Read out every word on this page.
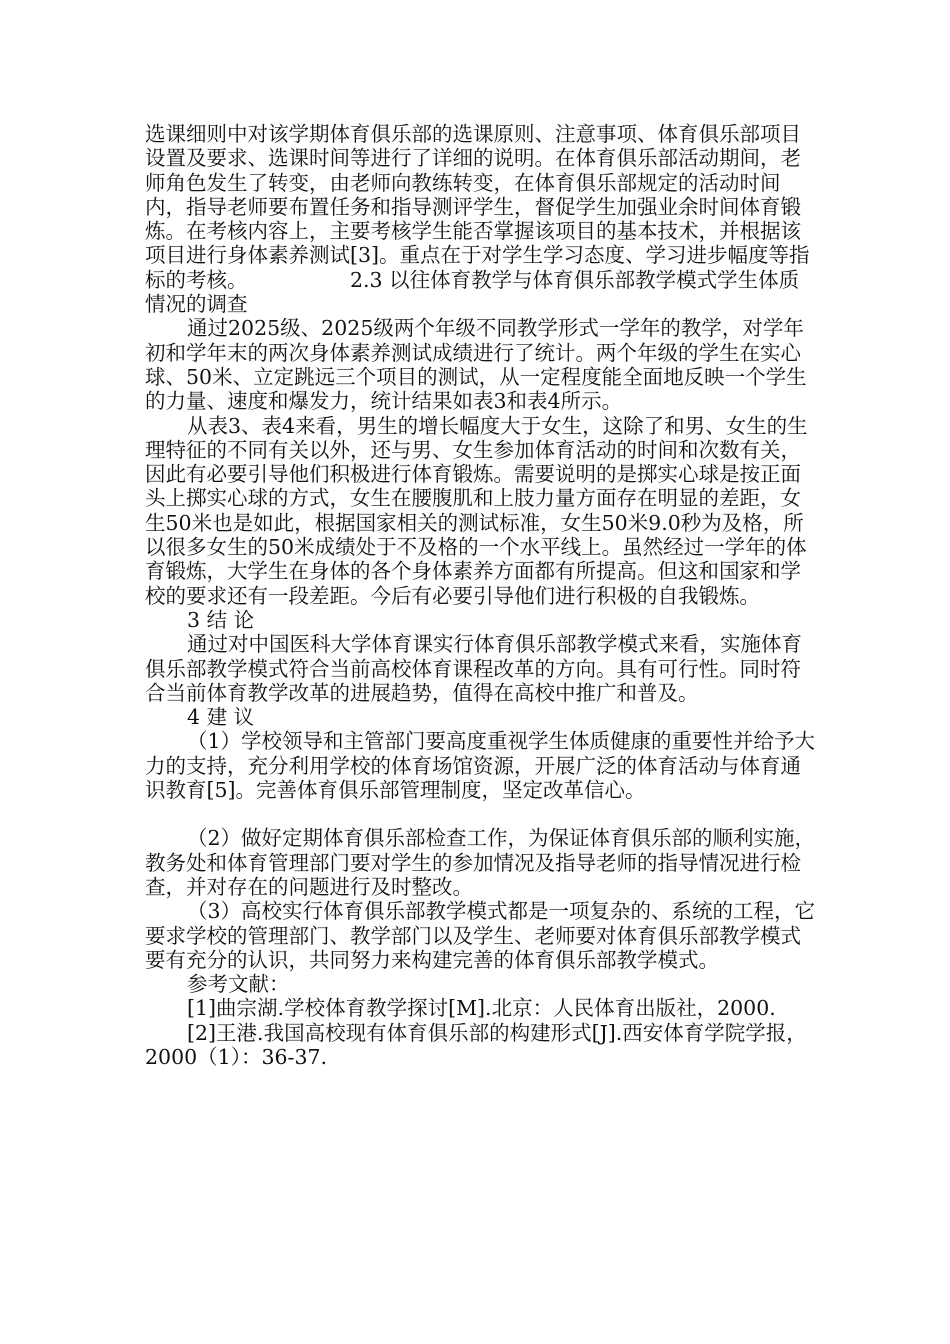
选课细则中对该学期体育俱乐部的选课原则、注意事项、体育俱乐部项目设置及要求、选课时间等进行了详细的说明。在体育俱乐部活动期间，老师角色发生了转变，由老师向教练转变，在体育俱乐部规定的活动时间内，指导老师要布置任务和指导测评学生，督促学生加强业余时间体育锻炼。在考核内容上，主要考核学生能否掌握该项目的基本技术，并根据该项目进行身体素养测试[3]。重点在于对学生学习态度、学习进步幅度等指标的考核。     2.3 以往体育教学与体育俱乐部教学模式学生体质情况的调查

通过2025级、2025级两个年级不同教学形式一学年的教学，对学年初和学年末的两次身体素养测试成绩进行了统计。两个年级的学生在实心球、50米、立定跳远三个项目的测试，从一定程度能全面地反映一个学生的力量、速度和爆发力，统计结果如表3和表4所示。

从表3、表4来看，男生的增长幅度大于女生，这除了和男、女生的生理特征的不同有关以外，还与男、女生参加体育活动的时间和次数有关，因此有必要引导他们积极进行体育锻炼。需要说明的是掷实心球是按正面头上掷实心球的方式，女生在腰腹肌和上肢力量方面存在明显的差距，女生50米也是如此，根据国家相关的测试标准，女生50米9.0秒为及格，所以很多女生的50米成绩处于不及格的一个水平线上。虽然经过一学年的体育锻炼，大学生在身体的各个身体素养方面都有所提高。但这和国家和学校的要求还有一段差距。今后有必要引导他们进行积极的自我锻炼。

3 结 论

通过对中国医科大学体育课实行体育俱乐部教学模式来看，实施体育俱乐部教学模式符合当前高校体育课程改革的方向。具有可行性。同时符合当前体育教学改革的进展趋势，值得在高校中推广和普及。

4 建 议

（1）学校领导和主管部门要高度重视学生体质健康的重要性并给予大力的支持，充分利用学校的体育场馆资源，开展广泛的体育活动与体育通识教育[5]。完善体育俱乐部管理制度，坚定改革信心。

（2）做好定期体育俱乐部检查工作，为保证体育俱乐部的顺利实施，教务处和体育管理部门要对学生的参加情况及指导老师的指导情况进行检查，并对存在的问题进行及时整改。

（3）高校实行体育俱乐部教学模式都是一项复杂的、系统的工程，它要求学校的管理部门、教学部门以及学生、老师要对体育俱乐部教学模式要有充分的认识，共同努力来构建完善的体育俱乐部教学模式。

参考文献：

[1]曲宗湖.学校体育教学探讨[M].北京：人民体育出版社，2000.

[2]王港.我国高校现有体育俱乐部的构建形式[J].西安体育学院学报，2000（1）：36-37.
